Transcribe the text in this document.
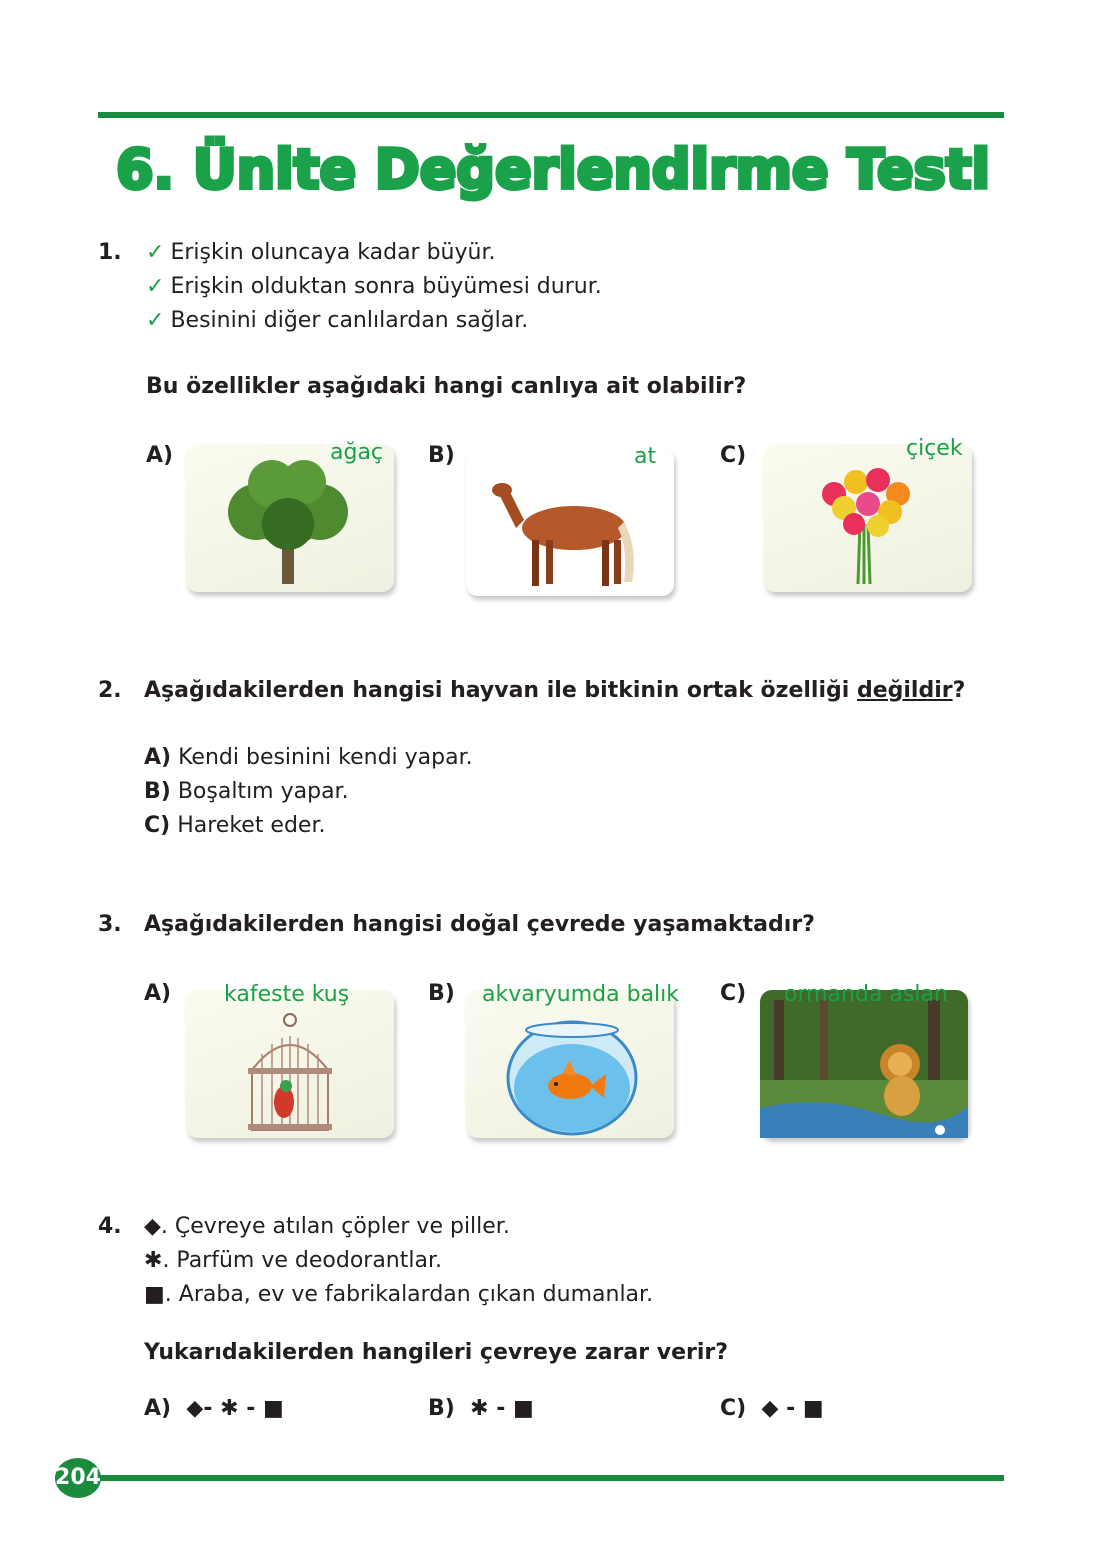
6. Ünite Değerlendirme Testi
1. ✓ Erişkin oluncaya kadar büyür.
✓ Erişkin olduktan sonra büyümesi durur.
✓ Besinini diğer canlılardan sağlar.
Bu özellikler aşağıdaki hangi canlıya ait olabilir?
A)	ağaç B)	at	C)	çiçek
2. Aşağıdakilerden hangisi hayvan ile bitkinin ortak özelliği değildir?
A) Kendi besinini kendi yapar.
B) Boşaltım yapar.
C) Hareket eder.
3. Aşağıdakilerden hangisi doğal çevrede yaşamaktadır?
A) kafeste kuş	B) akvaryumda balık C) ormanda aslan
4. ◆. Çevreye atılan çöpler ve piller.
✱. Parfüm ve deodorantlar.
■. Araba, ev ve fabrikalardan çıkan dumanlar.
Yukarıdakilerden hangileri çevreye zarar verir?
A) ◆- ✱ - ■	B) ✱ - ■	C) ◆ - ■
204
